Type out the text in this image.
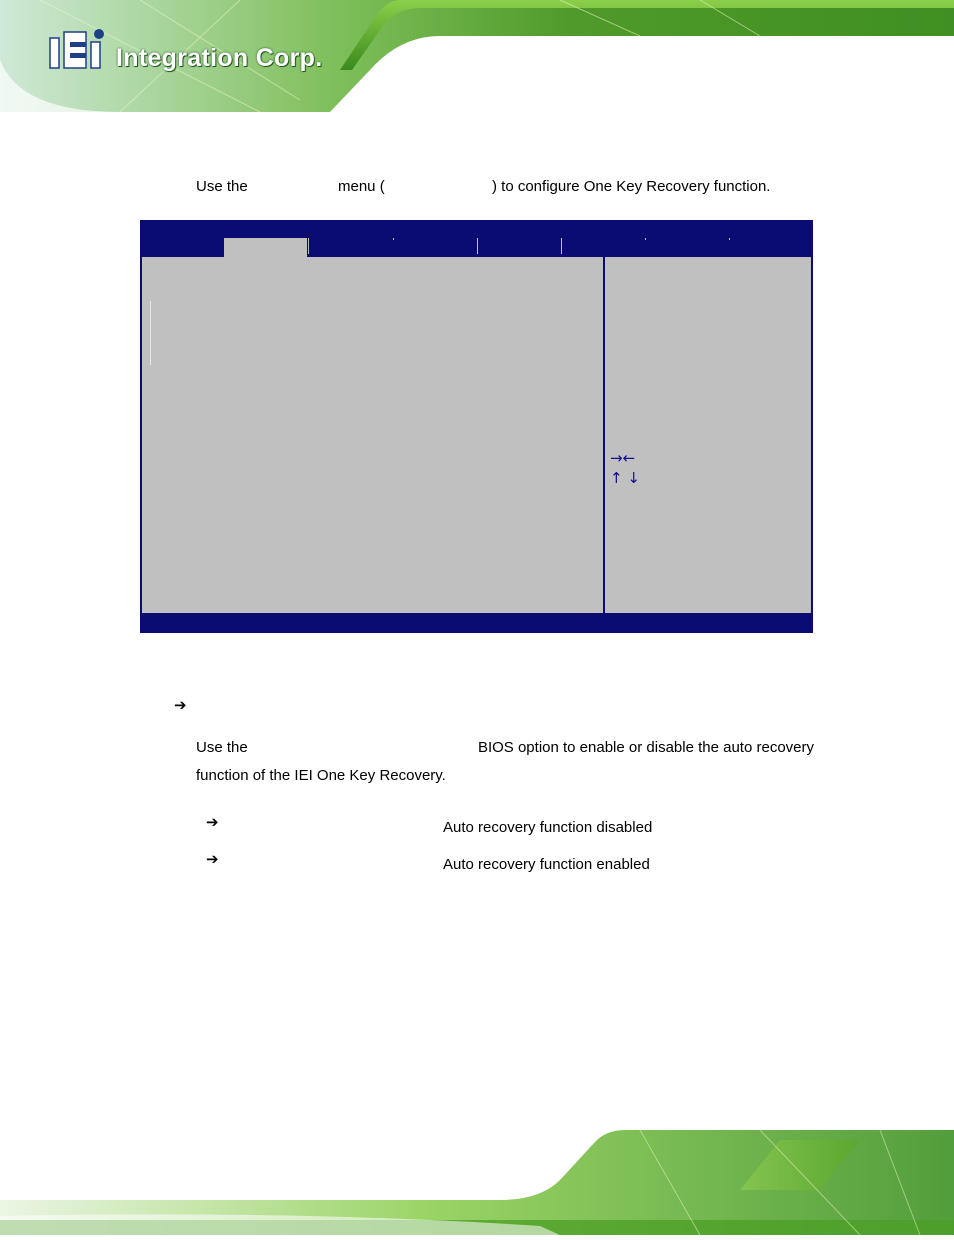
Integration Corp.
Use the	menu (	) to configure One Key Recovery function.
→←
↑ ↓
➔
Use the	BIOS option to enable or disable the auto recovery
function of the IEI One Key Recovery.
➔	Auto recovery function disabled
➔	Auto recovery function enabled
